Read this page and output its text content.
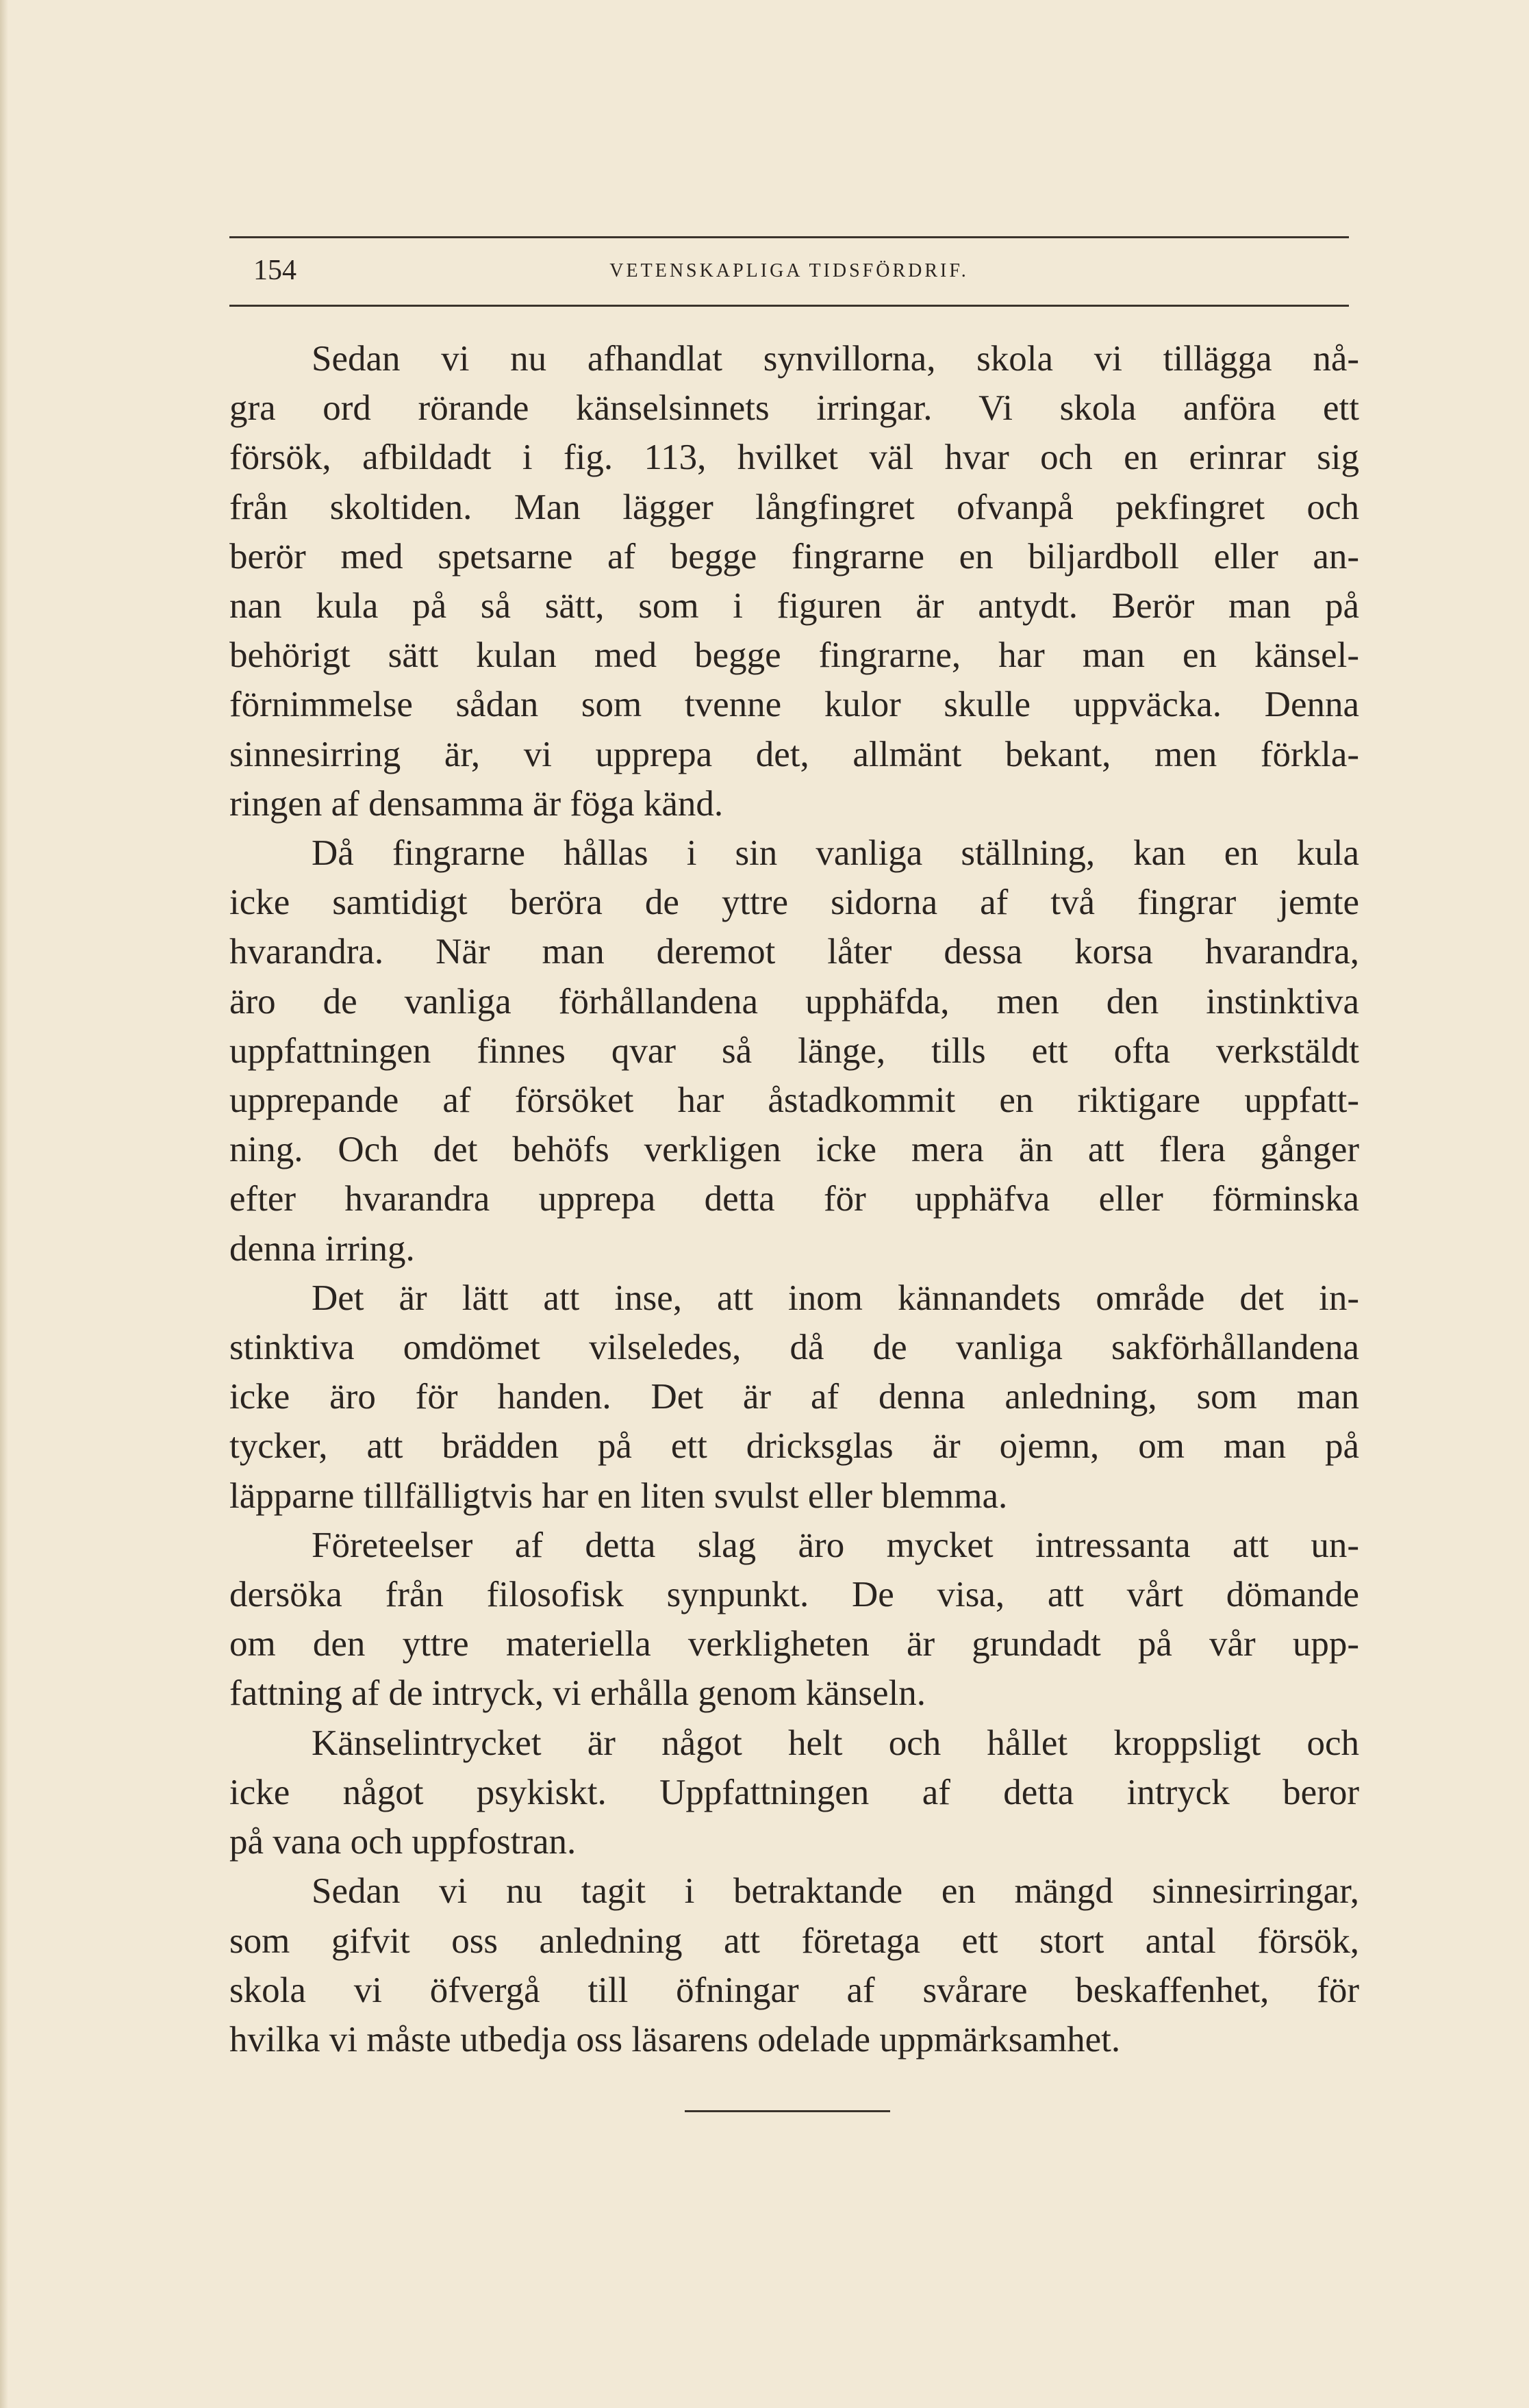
154	VETENSKAPLIGA TIDSFÖRDRIF.

Sedan vi nu afhandlat synvillorna, skola vi tillägga nå-
gra ord rörande känselsinnets irringar. Vi skola anföra ett
försök, afbildadt i fig. 113, hvilket väl hvar och en erinrar sig
från skoltiden. Man lägger långfingret ofvanpå pekfingret och
berör med spetsarne af begge fingrarne en biljardboll eller an-
nan kula på så sätt, som i figuren är antydt. Berör man på
behörigt sätt kulan med begge fingrarne, har man en känsel-
förnimmelse sådan som tvenne kulor skulle uppväcka. Denna
sinnesirring är, vi upprepa det, allmänt bekant, men förkla-
ringen af densamma är föga känd.

Då fingrarne hållas i sin vanliga ställning, kan en kula
icke samtidigt beröra de yttre sidorna af två fingrar jemte
hvarandra. När man deremot låter dessa korsa hvarandra,
äro de vanliga förhållandena upphäfda, men den instinktiva
uppfattningen finnes qvar så länge, tills ett ofta verkstäldt
upprepande af försöket har åstadkommit en riktigare uppfatt-
ning. Och det behöfs verkligen icke mera än att flera gånger
efter hvarandra upprepa detta för upphäfva eller förminska
denna irring.

Det är lätt att inse, att inom kännandets område det in-
stinktiva omdömet vilseledes, då de vanliga sakförhållandena
icke äro för handen. Det är af denna anledning, som man
tycker, att brädden på ett dricksglas är ojemn, om man på
läpparne tillfälligtvis har en liten svulst eller blemma.

Företeelser af detta slag äro mycket intressanta att un-
dersöka från filosofisk synpunkt. De visa, att vårt dömande
om den yttre materiella verkligheten är grundadt på vår upp-
fattning af de intryck, vi erhålla genom känseln.

Känselintrycket är något helt och hållet kroppsligt och
icke något psykiskt. Uppfattningen af detta intryck beror
på vana och uppfostran.

Sedan vi nu tagit i betraktande en mängd sinnesirringar,
som gifvit oss anledning att företaga ett stort antal försök,
skola vi öfvergå till öfningar af svårare beskaffenhet, för
hvilka vi måste utbedja oss läsarens odelade uppmärksamhet.
